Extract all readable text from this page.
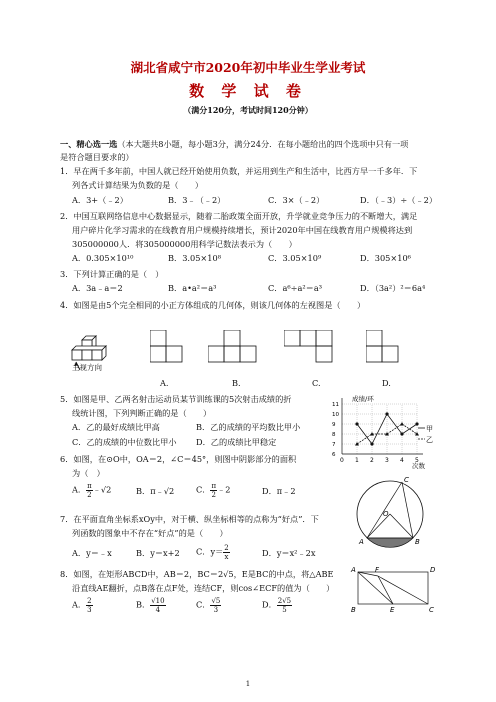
湖北省咸宁市2020年初中毕业生学业考试
数 学 试 卷
（满分120分，考试时间120分钟）
一、精心选一选（本大题共8小题，每小题3分，满分24分．在每小题给出的四个选项中只有一项
是符合题目要求的）
1．早在两千多年前，中国人就已经开始使用负数，并运用到生产和生活中，比西方早一千多年．下
列各式计算结果为负数的是（　　）
A．3+（﹣2）	B．3﹣（﹣2）	C．3×（﹣2）	D．（﹣3）÷（﹣2）
2．中国互联网络信息中心数据显示，随着二胎政策全面开放，升学就业竞争压力的不断增大，满足
用户碎片化学习需求的在线教育用户规模持续增长，预计2020年中国在线教育用户规模将达到
305000000人．将305000000用科学记数法表示为（　　）
A．0.305×10¹⁰	B．3.05×10⁸	C．3.05×10⁹	D．305×10⁶
3．下列计算正确的是（　）
A．3a﹣a＝2	B．a•a²＝a³	C．a⁶÷a²＝a³	D．（3a²）²＝6a⁴
4．如图是由5个完全相同的小正方体组成的几何体，则该几何体的左视图是（　　）
主视方向
A.	B.	C.	D.
5．如图是甲、乙两名射击运动员某节训练课的5次射击成绩的折
线统计图，下列判断正确的是（　　）
A．乙的最好成绩比甲高	B．乙的成绩的平均数比甲小
C．乙的成绩的中位数比甲小 D．乙的成绩比甲稳定
11
10
9
8
7
6
0 1 2 3 4 5
成绩/环
次数
甲
乙
6．如图，在⊙O中，OA＝2，∠C＝45°，则图中阴影部分的面积
为（　）
A． $\frac{\pi}{2}$ ﹣√2	B．π﹣√2	C． $\frac{\pi}{2}$ ﹣2	D．π﹣2
C
O
A	B
7．在平面直角坐标系xOy中，对于横、纵坐标相等的点称为“好点”．下
列函数的图象中不存在“好点”的是（　　）
A．y＝﹣x	B．y＝x+2 C．$y= \frac{2}{x}$	D．y＝x²﹣2x
8．如图，在矩形ABCD中，AB＝2，BC＝2√5，E是BC的中点，将△ABE
沿直线AE翻折，点B落在点F处，连结CF，则cos∠ECF的值为（　　）
A． $\frac{2}{3}$	B． $\frac{√10}{4}$	C． $\frac{√5}{3}$	D． $\frac{2√5}{5}$
A	F	D
B	E	C
1
